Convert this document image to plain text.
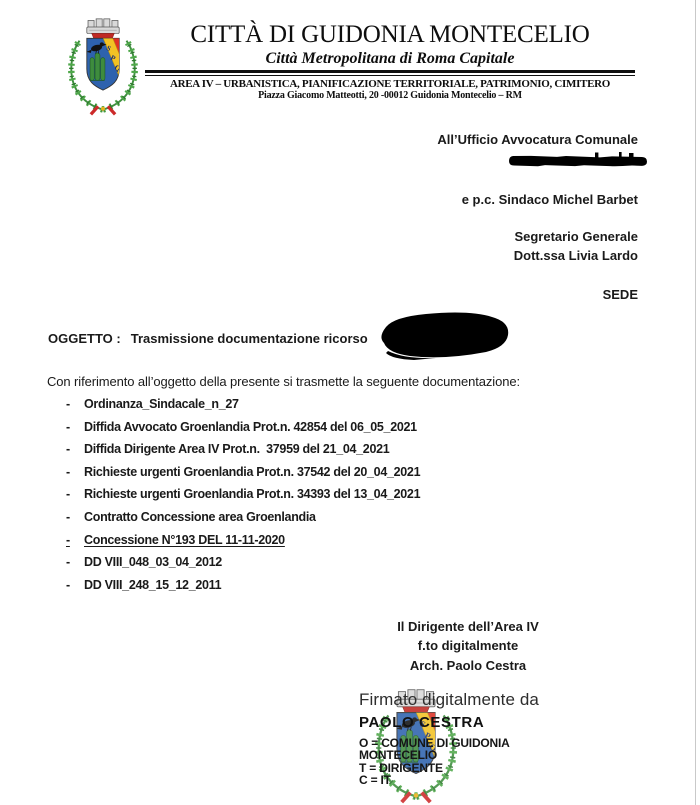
CITTÀ DI GUIDONIA MONTECELIO
Città Metropolitana di Roma Capitale
AREA IV – URBANISTICA, PIANIFICAZIONE TERRITORIALE, PATRIMONIO, CIMITERO
Piazza Giacomo Matteotti, 20 -00012 Guidonia Montecelio – RM
All’Ufficio Avvocatura Comunale
e p.c. Sindaco Michel Barbet
Segretario Generale
Dott.ssa Livia Lardo
SEDE
OGGETTO : Trasmissione documentazione ricorso
Con riferimento all’oggetto della presente si trasmette la seguente documentazione:
-	Ordinanza_Sindacale_n_27
-	Diffida Avvocato Groenlandia Prot.n. 42854 del 06_05_2021
-	Diffida Dirigente Area IV Prot.n.  37959 del 21_04_2021
-	Richieste urgenti Groenlandia Prot.n. 37542 del 20_04_2021
-	Richieste urgenti Groenlandia Prot.n. 34393 del 13_04_2021
-	Contratto Concessione area Groenlandia
-	Concessione N°193 DEL 11-11-2020
-	DD VIII_048_03_04_2012
-	DD VIII_248_15_12_2011
Il Dirigente dell’Area IV
f.to digitalmente
Arch. Paolo Cestra
Firmato digitalmente da
PAOLO CESTRA
O = COMUNE DI GUIDONIA
MONTECELIO
T = DIRIGENTE
C = IT
